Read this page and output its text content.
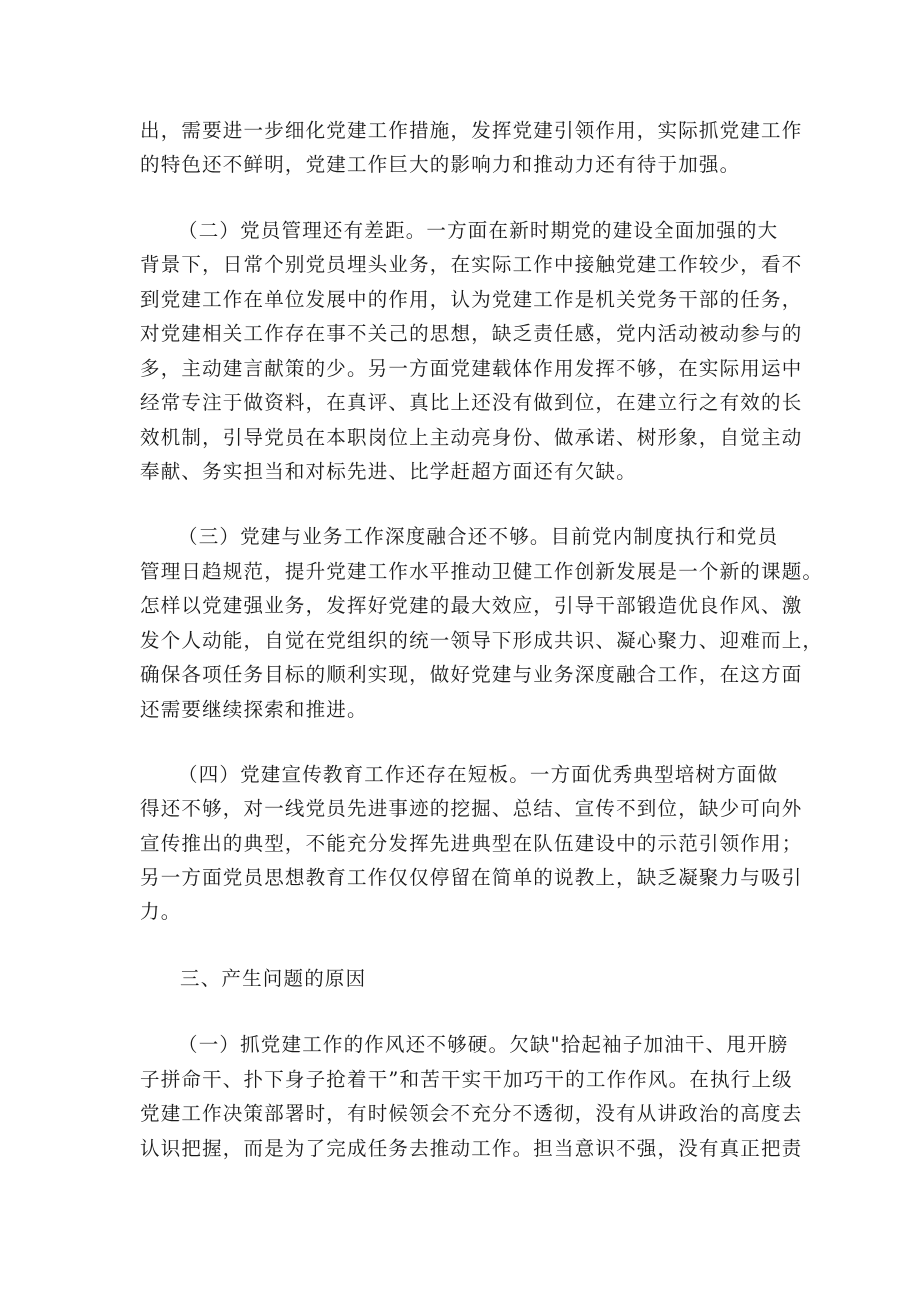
出，需要进一步细化党建工作措施，发挥党建引领作用，实际抓党建工作
的特色还不鲜明，党建工作巨大的影响力和推动力还有待于加强。
（二）党员管理还有差距。一方面在新时期党的建设全面加强的大
背景下，日常个别党员埋头业务，在实际工作中接触党建工作较少，看不
到党建工作在单位发展中的作用，认为党建工作是机关党务干部的任务，
对党建相关工作存在事不关己的思想，缺乏责任感，党内活动被动参与的
多，主动建言献策的少。另一方面党建载体作用发挥不够，在实际用运中
经常专注于做资料，在真评、真比上还没有做到位，在建立行之有效的长
效机制，引导党员在本职岗位上主动亮身份、做承诺、树形象，自觉主动
奉献、务实担当和对标先进、比学赶超方面还有欠缺。
（三）党建与业务工作深度融合还不够。目前党内制度执行和党员
管理日趋规范，提升党建工作水平推动卫健工作创新发展是一个新的课题。
怎样以党建强业务，发挥好党建的最大效应，引导干部锻造优良作风、激
发个人动能，自觉在党组织的统一领导下形成共识、凝心聚力、迎难而上，
确保各项任务目标的顺利实现，做好党建与业务深度融合工作，在这方面
还需要继续探索和推进。
（四）党建宣传教育工作还存在短板。一方面优秀典型培树方面做
得还不够，对一线党员先进事迹的挖掘、总结、宣传不到位，缺少可向外
宣传推出的典型，不能充分发挥先进典型在队伍建设中的示范引领作用；
另一方面党员思想教育工作仅仅停留在简单的说教上，缺乏凝聚力与吸引
力。
三、产生问题的原因
（一）抓党建工作的作风还不够硬。欠缺"拾起袖子加油干、甩开膀
子拼命干、扑下身子抢着干”和苦干实干加巧干的工作作风。在执行上级
党建工作决策部署时，有时候领会不充分不透彻，没有从讲政治的高度去
认识把握，而是为了完成任务去推动工作。担当意识不强，没有真正把责
